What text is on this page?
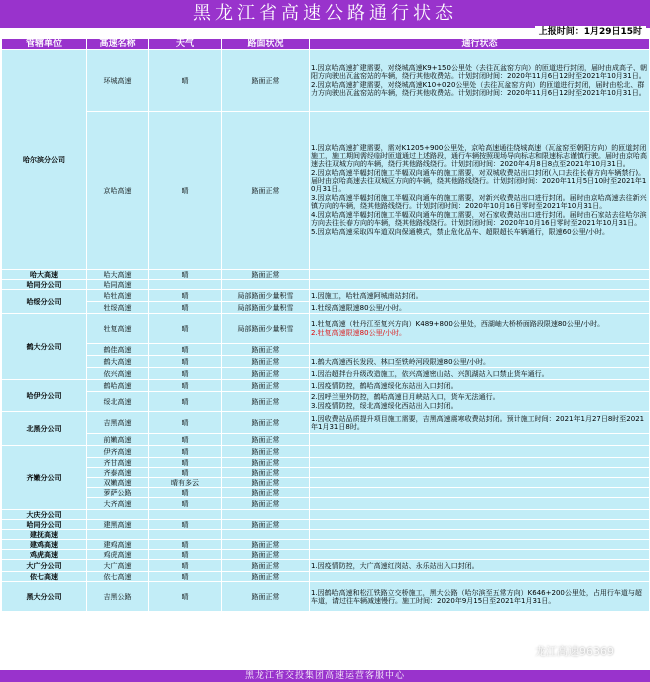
黑龙江省高速公路通行状态
上报时间：1月29日15时
管辖单位	高速名称	天气	路面状况	通行状态
哈尔滨分公司	环城高速	晴	路面正常	1.因京哈高速扩建需要，对绕城高速K9+150公里处（去往瓦盆窑方向）的匝道进行封闭，届时由成高子、朝阳方向驶出瓦盆窑站的车辆，绕行其他收费站。计划封闭时间：2020年11月6日12时至2021年10月31日。

2.因京哈高速扩建需要，对绕城高速K10+020公里处（去往瓦盆窑方向）的匝道进行封闭，届时由松北、群力方向驶出瓦盆窑站的车辆，绕行其他收费站。计划封闭时间：2020年11月6日12时至2021年10月31日。

	京哈高速	晴	路面正常	1.因京哈高速扩建需要，需对K1205+900公里处，京哈高速通往绕城高速（瓦盆窑至朝阳方向）的匝道封闭施工，施工期间需经临时匝道通过上述路段，通行车辆按照现场导向标志和限速标志谨慎行驶。届时由京哈高速去往双城方向的车辆，绕行其他路线绕行。计划封闭时间：2020年4月8日8点至2021年10月31日。

2.因京哈高速半幅封闭施工半幅双向通车的施工需要，对双城收费站出口封闭(入口去往长春方向车辆禁行)。届时由京哈高速去往双城区方向的车辆，绕其他路线绕行。计划封闭时间：2020年11月5日10时至2021年10月31日。

3.因京哈高速半幅封闭施工半幅双向通车的施工需要，对新兴收费站出口进行封闭。届时由京哈高速去往新兴镇方向的车辆，绕其他路线绕行。计划封闭时间：2020年10月16日零时至2021年10月31日。

4.因京哈高速半幅封闭施工半幅双向通车的施工需要，对石家收费站出口进行封闭。届时由石家站去往哈尔滨方向去往长春方向的车辆，绕其他路线绕行。计划封闭时间：2020年10月16日零时至2021年10月31日。

5.因京哈高速采取四车道双向保通模式，禁止危化品车、超限超长车辆通行，限速60公里/小时。

哈大高速	哈大高速	晴	路面正常	
哈同分公司	哈同高速			
哈绥分公司	哈牡高速	晴	局部路面少量积雪	1.因施工，哈牡高速阿城南站封闭。
	牡绥高速	晴	局部路面少量积雪	1.牡绥高速限速80公里/小时。
鹤大分公司	牡复高速	晴	局部路面少量积雪	1.牡复高速（牡丹江至复兴方向）K489+800公里处，西湖岫大桥桥面路段限速80公里/小时。

2.牡复高速限速80公里/小时。

	鹤佳高速	晴	路面正常	
	鹤大高速	晴	路面正常	1.鹤大高速西长发段、林口至铁岭河段限速80公里/小时。
	依兴高速	晴	路面正常	1.因治超拌台升级改造施工，依兴高速密山站、兴凯湖站入口禁止货车通行。
哈伊分公司	鹤哈高速	晴	路面正常	1.因疫情防控，鹤哈高速绥化东站出入口封闭。
	绥北高速	晴	路面正常	2.因呼兰里外防控，鹤哈高速日月峡站入口，货车无法通行。

3.因疫情防控，绥北高速绥化西站出入口封闭。

北黑分公司	吉黑高速	晴	路面正常	1.因收费站品质提升项目施工需要，吉黑高速震寒收费站封闭。预计施工时间：2021年1月27日8时至2021年1月31日8时。
	前嫩高速	晴	路面正常	
齐嫩分公司	伊齐高速	晴	路面正常	
	齐甘高速	晴	路面正常	
	齐泰高速	晴	路面正常	
	双嫩高速	晴有多云	路面正常	
	萝萨公路	晴	路面正常	
	大齐高速	晴	路面正常	
大庆分公司				
哈同分公司	建黑高速	晴	路面正常	
建抚高速				
建鸡高速	建鸡高速	晴	路面正常	
鸡虎高速	鸡虎高速	晴	路面正常	
大广分公司	大广高速	晴	路面正常	1.因疫情防控，大广高速红岗站、永乐站出入口封闭。
依七高速	依七高速	晴	路面正常	
黑大分公司	吉黑公路	晴	路面正常	1.因鹤哈高速和松江铁路立交桥施工，黑大公路（哈尔滨至五常方向）K646+200公里处，占用行车道与超车道，请过往车辆减速慢行。施工时间：2020年9月15日至2021年1月31日。
龙江高速96369
黑龙江省交投集团高速运营客服中心
